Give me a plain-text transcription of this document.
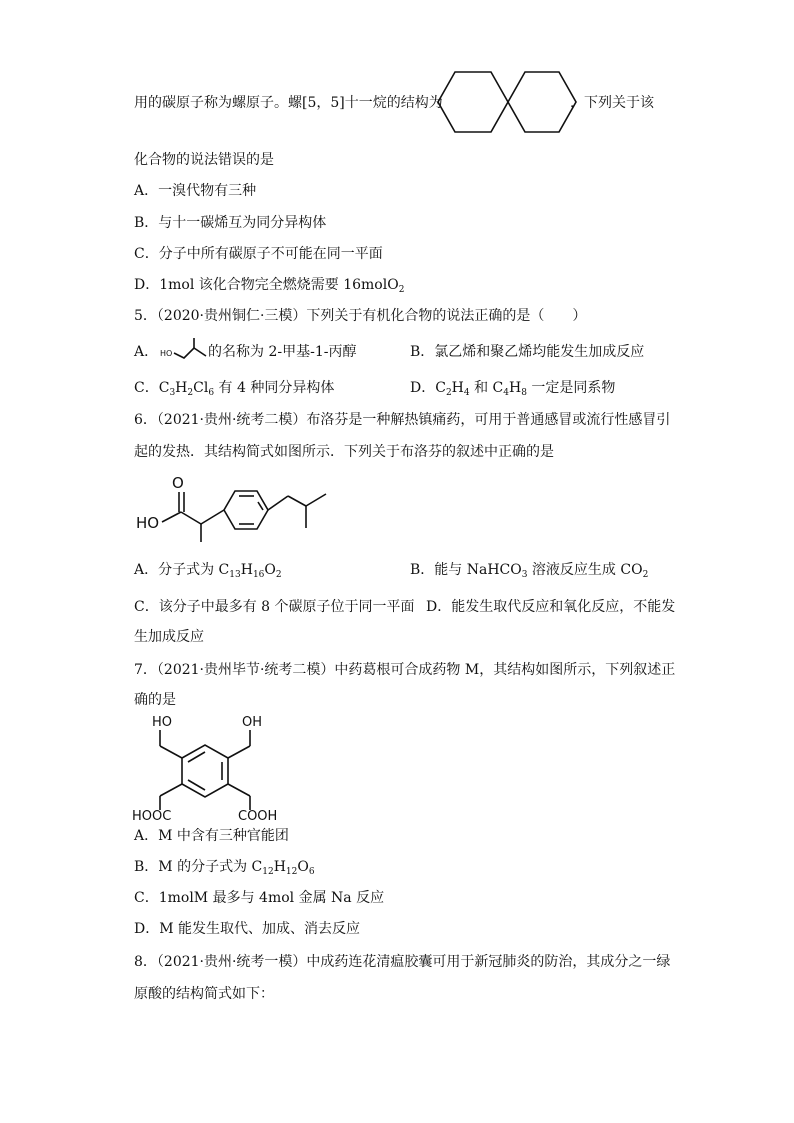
用的碳原子称为螺原子。螺[5，5]十一烷的结构为	，下列关于该
化合物的说法错误的是
A．一溴代物有三种
B．与十一碳烯互为同分异构体
C．分子中所有碳原子不可能在同一平面
D．1mol 该化合物完全燃烧需要 16molO$_2$
5．（2020·贵州铜仁·三模）下列关于有机化合物的说法正确的是（　　）
A． HO	的名称为 2-甲基-1-丙醇	B．氯乙烯和聚乙烯均能发生加成反应
C．$C_3H_2Cl_6$ 有 4 种同分异构体	D．$C_2H_4$ 和 $C_4H_8$ 一定是同系物
6．（2021·贵州·统考二模）布洛芬是一种解热镇痛药，可用于普通感冒或流行性感冒引
起的发热．其结构简式如图所示．下列关于布洛芬的叙述中正确的是
O
HO
A．分子式为 $C_{13}H_{16}O_2$	B．能与 NaHCO$_3$ 溶液反应生成 $CO_2$
C．该分子中最多有 8 个碳原子位于同一平面 D．能发生取代反应和氧化反应，不能发
生加成反应
7．（2021·贵州毕节·统考二模）中药葛根可合成药物 M，其结构如图所示，下列叙述正
确的是
HO	OH
HOOC	COOH
A．M 中含有三种官能团
B．M 的分子式为 $C_{12}H_{12}O_6$
C．1molM 最多与 4mol 金属 Na 反应
D．M 能发生取代、加成、消去反应
8．（2021·贵州·统考一模）中成药连花清瘟胶囊可用于新冠肺炎的防治，其成分之一绿
原酸的结构简式如下：
